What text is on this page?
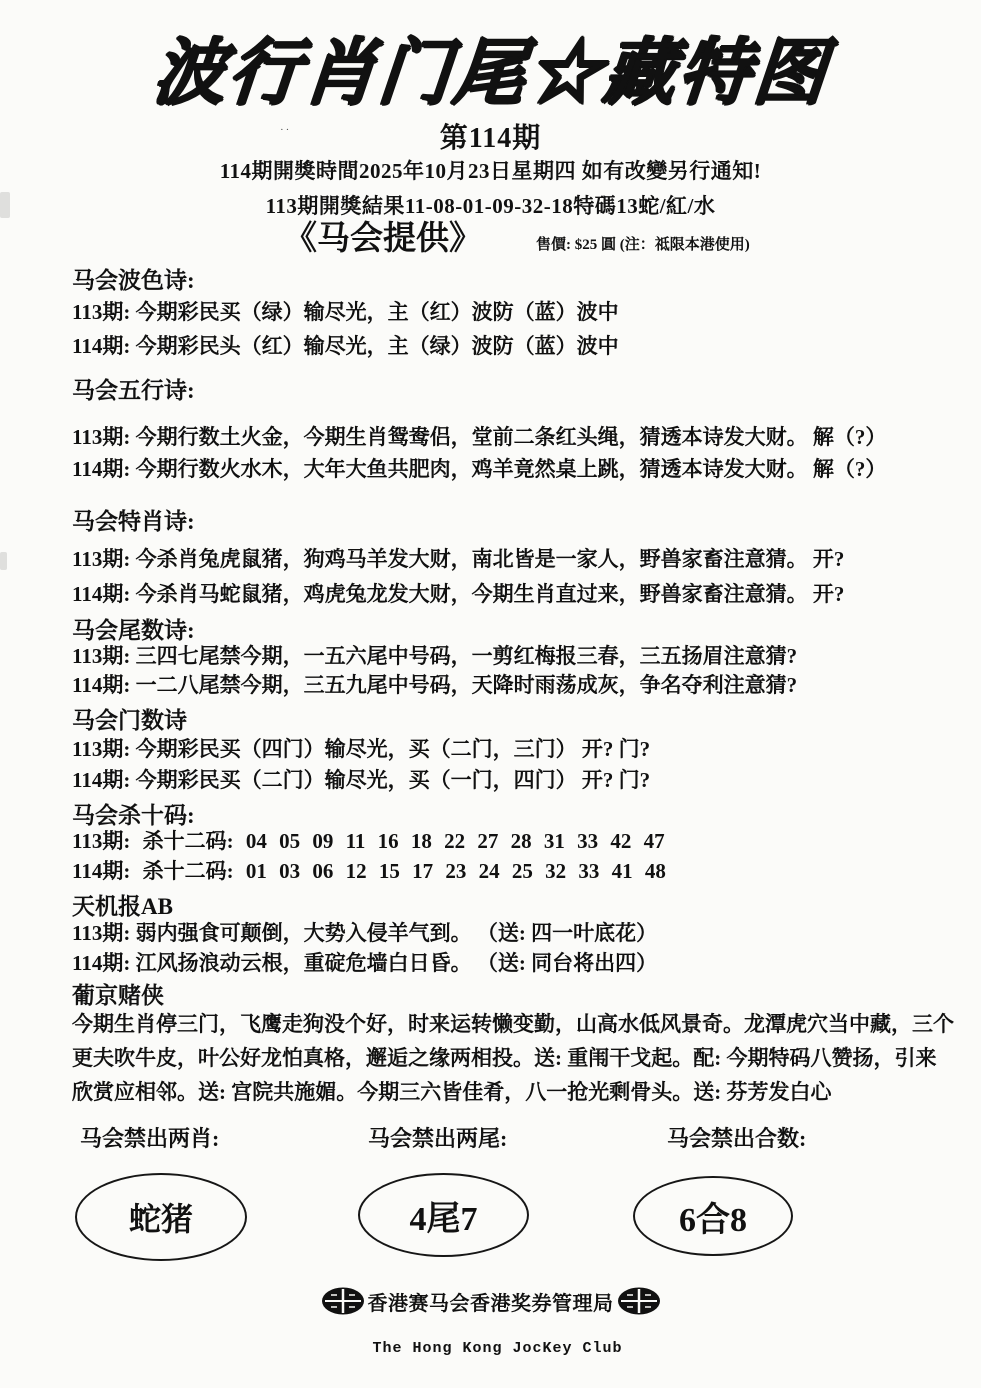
波行肖门尾☆藏特图
··	第114期
114期開獎時間2025年10月23日星期四 如有改變另行通知!
113期開獎結果11-08-01-09-32-18特碼13蛇/紅/水
《马会提供》	售價: $25 圓 (注：祗限本港使用)
马会波色诗:
113期: 今期彩民买（绿）输尽光，主（红）波防（蓝）波中
114期: 今期彩民头（红）输尽光，主（绿）波防（蓝）波中
马会五行诗:
113期: 今期行数土火金，今期生肖鸳鸯侣，堂前二条红头绳，猜透本诗发大财。 解（?）
114期: 今期行数火水木，大年大鱼共肥肉，鸡羊竟然桌上跳，猜透本诗发大财。 解（?）
马会特肖诗:
113期: 今杀肖兔虎鼠猪，狗鸡马羊发大财，南北皆是一家人，野兽家畜注意猜。 开?
114期: 今杀肖马蛇鼠猪，鸡虎兔龙发大财，今期生肖直过来，野兽家畜注意猜。 开?
马会尾数诗:
113期: 三四七尾禁今期，一五六尾中号码，一剪红梅报三春，三五扬眉注意猜?
114期: 一二八尾禁今期，三五九尾中号码，天降时雨荡成灰，争名夺利注意猜?
马会门数诗
113期: 今期彩民买（四门）输尽光，买（二门，三门） 开? 门?
114期: 今期彩民买（二门）输尽光，买（一门，四门） 开? 门?
马会杀十码:
113期: 杀十二码: 04 05 09 11 16 18 22 27 28 31 33 42 47
114期: 杀十二码: 01 03 06 12 15 17 23 24 25 32 33 41 48
天机报AB
113期: 弱内强食可颠倒，大势入侵羊气到。 （送: 四一叶底花）
114期: 江风扬浪动云根，重碇危墙白日昏。 （送: 同台将出四）
葡京赌侠
今期生肖停三门，飞鹰走狗没个好，时来运转懒变勤，山高水低风景奇。龙潭虎穴当中藏，三个
更夫吹牛皮，叶公好龙怕真格，邂逅之缘两相投。送: 重闱干戈起。配: 今期特码八赞扬，引来
欣赏应相邻。送: 宫院共施媚。今期三六皆佳肴，八一抢光剩骨头。送: 芬芳发白心
马会禁出两肖:	马会禁出两尾:	马会禁出合数:
蛇猪	4尾7	6合8
香港赛马会香港奖券管理局
The Hong Kong JocKey Club
